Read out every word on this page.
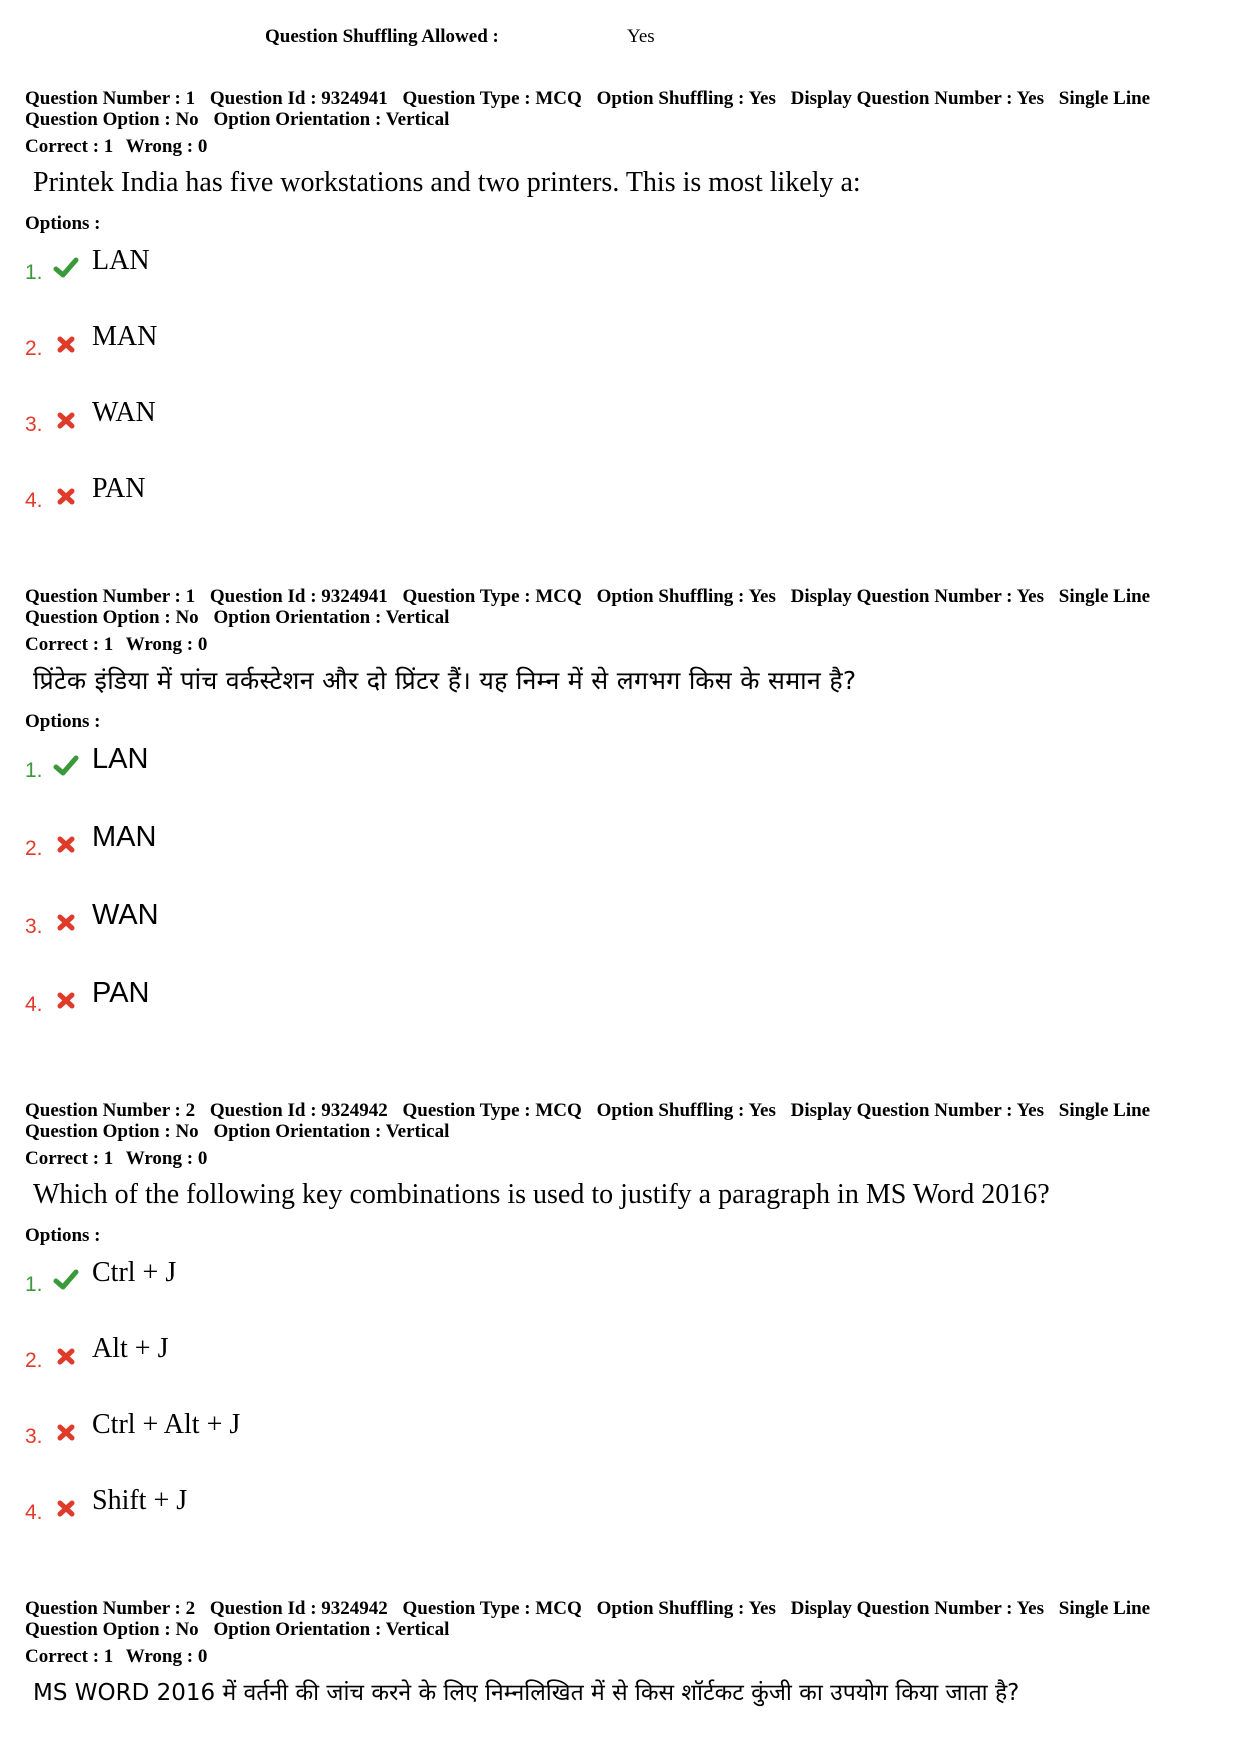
Question Shuffling Allowed :	Yes
Question Number : 1 Question Id : 9324941 Question Type : MCQ Option Shuffling : Yes Display Question Number : Yes Single Line Question Option : No Option Orientation : Vertical
Correct : 1 Wrong : 0
Printek India has five workstations and two printers. This is most likely a:
Options :
1. LAN
2. MAN
3. WAN
4. PAN
Question Number : 1 Question Id : 9324941 Question Type : MCQ Option Shuffling : Yes Display Question Number : Yes Single Line Question Option : No Option Orientation : Vertical
Correct : 1 Wrong : 0
प्रिंटेक इंडिया में पांच वर्कस्टेशन और दो प्रिंटर हैं। यह निम्न में से लगभग किस के समान है?
Options :
1. LAN
2. MAN
3. WAN
4. PAN
Question Number : 2 Question Id : 9324942 Question Type : MCQ Option Shuffling : Yes Display Question Number : Yes Single Line Question Option : No Option Orientation : Vertical
Correct : 1 Wrong : 0
Which of the following key combinations is used to justify a paragraph in MS Word 2016?
Options :
1. Ctrl + J
2. Alt + J
3. Ctrl + Alt + J
4. Shift + J
Question Number : 2 Question Id : 9324942 Question Type : MCQ Option Shuffling : Yes Display Question Number : Yes Single Line Question Option : No Option Orientation : Vertical
Correct : 1 Wrong : 0
MS WORD 2016 में वर्तनी की जांच करने के लिए निम्नलिखित में से किस शॉर्टकट कुंजी का उपयोग किया जाता है?
